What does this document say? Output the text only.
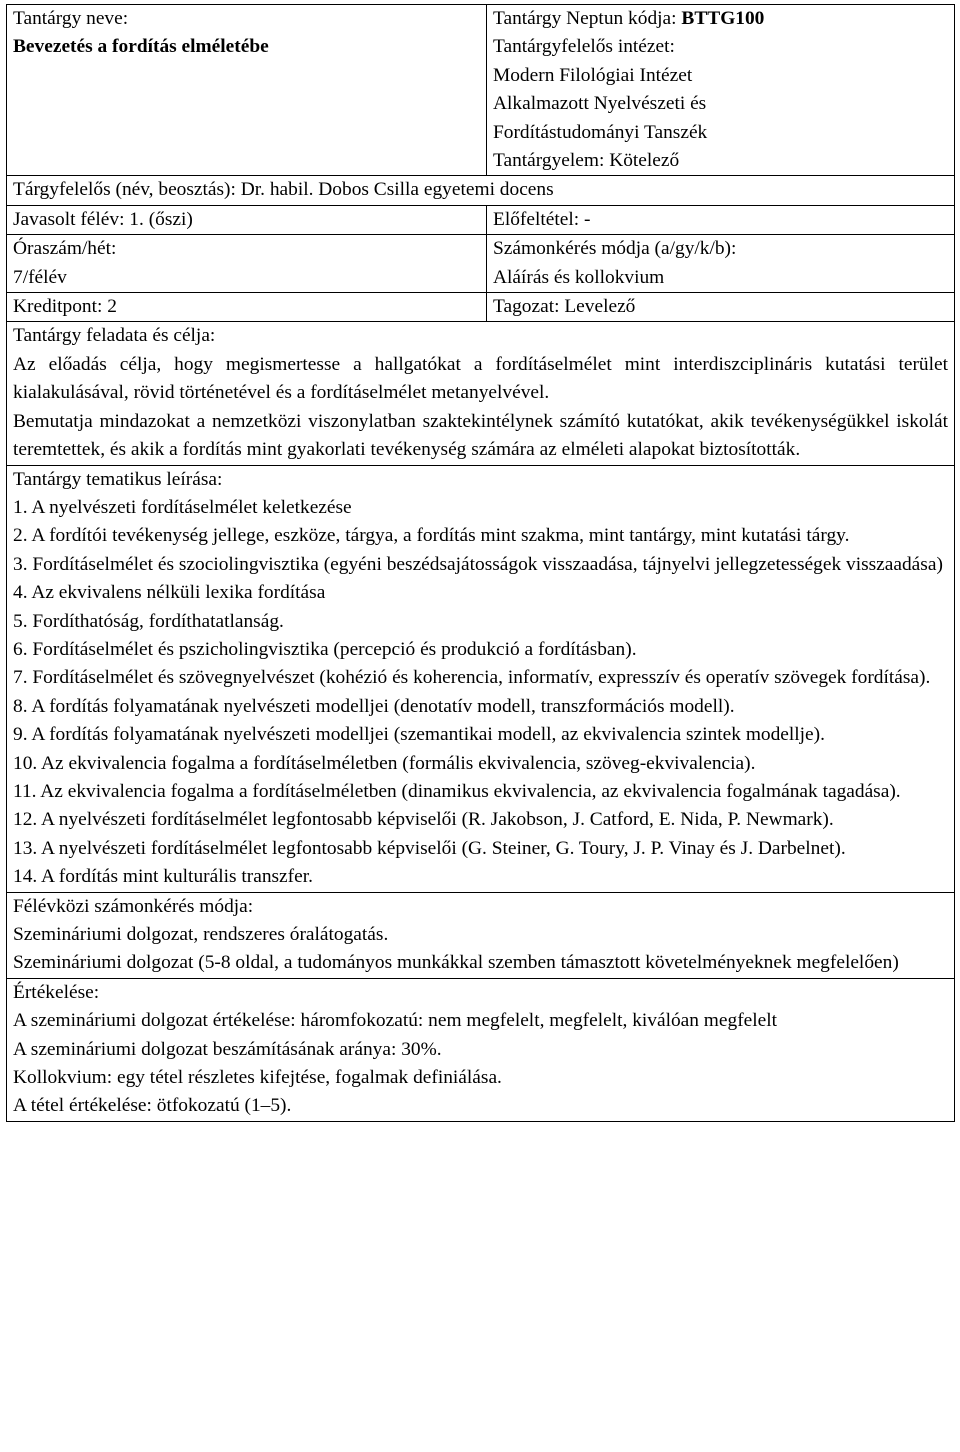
Tantárgy neve:
Bevezetés a fordítás elméletébe
Tantárgy Neptun kódja: BTTG100
Tantárgyfelelős intézet:
Modern Filológiai Intézet
Alkalmazott Nyelvészeti és
Fordítástudományi Tanszék
Tantárgyelem: Kötelező
Tárgyfelelős (név, beosztás): Dr. habil. Dobos Csilla egyetemi docens
Javasolt félév: 1. (őszi)	Előfeltétel: -
Óraszám/hét:
7/félév
Számonkérés módja (a/gy/k/b):
Aláírás és kollokvium
Kreditpont: 2	Tagozat: Levelező
Tantárgy feladata és célja:
Az előadás célja, hogy megismertesse a hallgatókat a fordításelmélet mint interdiszciplináris kutatási terület kialakulásával, rövid történetével és a fordításelmélet metanyelvével.
Bemutatja mindazokat a nemzetközi viszonylatban szaktekintélynek számító kutatókat, akik tevékenységükkel iskolát teremtettek, és akik a fordítás mint gyakorlati tevékenység számára az elméleti alapokat biztosították.
Tantárgy tematikus leírása:
1. A nyelvészeti fordításelmélet keletkezése
2. A fordítói tevékenység jellege, eszköze, tárgya, a fordítás mint szakma, mint tantárgy, mint kutatási tárgy.
3. Fordításelmélet és szociolingvisztika (egyéni beszédsajátosságok visszaadása, tájnyelvi jellegzetességek visszaadása)
4. Az ekvivalens nélküli lexika fordítása
5. Fordíthatóság, fordíthatatlanság.
6. Fordításelmélet és pszicholingvisztika (percepció és produkció a fordításban).
7. Fordításelmélet és szövegnyelvészet (kohézió és koherencia, informatív, expresszív és operatív szövegek fordítása).
8. A fordítás folyamatának nyelvészeti modelljei (denotatív modell, transzformációs modell).
9. A fordítás folyamatának nyelvészeti modelljei (szemantikai modell, az ekvivalencia szintek modellje).
10. Az ekvivalencia fogalma a fordításelméletben (formális ekvivalencia, szöveg-ekvivalencia).
11. Az ekvivalencia fogalma a fordításelméletben (dinamikus ekvivalencia, az ekvivalencia fogalmának tagadása).
12. A nyelvészeti fordításelmélet legfontosabb képviselői (R. Jakobson, J. Catford, E. Nida, P. Newmark).
13. A nyelvészeti fordításelmélet legfontosabb képviselői (G. Steiner, G. Toury, J. P. Vinay és J. Darbelnet).
14. A fordítás mint kulturális transzfer.
Félévközi számonkérés módja:
Szemináriumi dolgozat, rendszeres óralátogatás.
Szemináriumi dolgozat (5-8 oldal, a tudományos munkákkal szemben támasztott követelményeknek megfelelően)
Értékelése:
A szemináriumi dolgozat értékelése: háromfokozatú: nem megfelelt, megfelelt, kiválóan megfelelt
A szemináriumi dolgozat beszámításának aránya: 30%.
Kollokvium: egy tétel részletes kifejtése, fogalmak definiálása.
A tétel értékelése: ötfokozatú (1–5).
